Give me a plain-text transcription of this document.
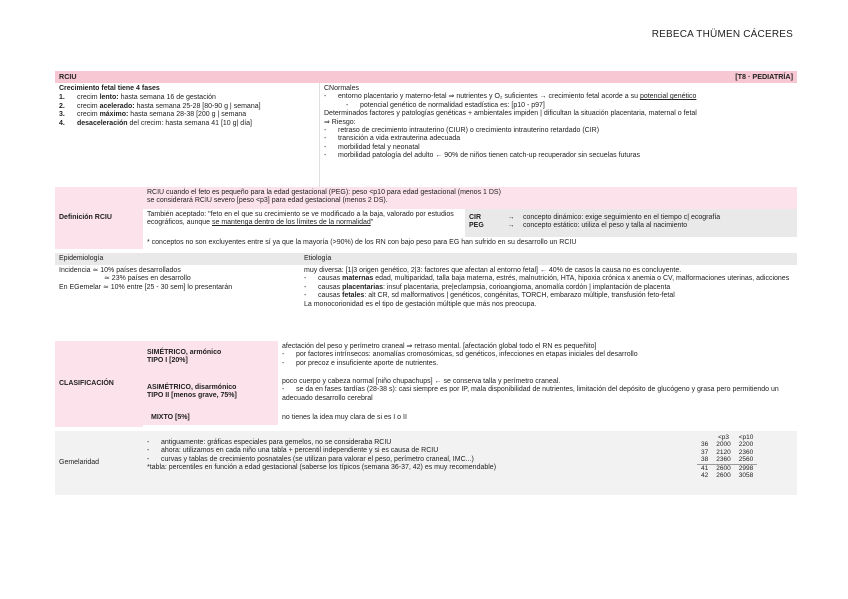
REBECA THÜMEN CÁCERES
RCIU	[T8 · PEDIATRÍA]
Crecimiento fetal tiene 4 fases
1. crecim lento: hasta semana 16 de gestación
2. crecim acelerado: hasta semana 25-28 [80-90 g | semana]
3. crecim máximo: hasta semana 28-38 [200 g | semana
4. desaceleración del crecim: hasta semana 41 [10 g| día]
CNormales
- entorno placentario y materno-fetal ⇒ nutrientes y O₂ suficientes → crecimiento fetal acorde a su potencial genético
- potencial genético de normalidad estadística es: [p10 - p97]
Determinados factores y patologías genéticas + ambientales impiden | dificultan la situación placentaria, maternal o fetal
⇒ Riesgo:
- retraso de crecimiento intrauterino (CIUR) o crecimiento intrauterino retardado (CIR)
- transición a vida extrauterina adecuada
- morbilidad fetal y neonatal
- morbilidad patología del adulto ← 90% de niños tienen catch-up recuperador sin secuelas futuras
Definición RCIU
RCIU cuando el feto es pequeño para la edad gestacional (PEG): peso <p10 para edad gestacional (menos 1 DS)
se considerará RCIU severo [peso <p3] para edad gestacional (menos 2 DS).
También aceptado: "feto en el que su crecimiento se ve modificado a la baja, valorado por estudios ecográficos, aunque se mantenga dentro de los límites de la normalidad"
CIR	→ concepto dinámico: exige seguimiento en el tiempo c| ecografía
PEG	→ concepto estático: utiliza el peso y talla al nacimiento
* conceptos no son excluyentes entre sí ya que la mayoría (>90%) de los RN con bajo peso para EG han sufrido en su desarrollo un RCIU
Epidemiología
Incidencia ≃ 10% países desarrollados
≃ 23% países en desarrollo
En EGemelar ≃ 10% entre [25 - 30 sem] lo presentarán
Etiología
muy diversa: [1|3 origen genético, 2|3: factores que afectan al entorno fetal] ← 40% de casos la causa no es concluyente.
- causas maternas edad, multiparidad, talla baja materna, estrés, malnutrición, HTA, hipoxia crónica x anemia o CV, malformaciones uterinas, adicciones
- causas placentarias: insuf placentaria, pre|eclampsia, corioangioma, anomalía cordón | implantación de placenta
- causas fetales: alt CR, sd malformativos | genéticos, congénitas, TORCH, embarazo múltiple, transfusión feto-fetal
La monocorionidad es el tipo de gestación múltiple que más nos preocupa.
CLASIFICACIÓN
SIMÉTRICO, armónico
TIPO I [20%]
afectación del peso y perímetro craneal ⇒ retraso mental. [afectación global todo el RN es pequeñito]
- por factores intrínsecos: anomalías cromosómicas, sd genéticos, infecciones en etapas iniciales del desarrollo
- por precoz e insuficiente aporte de nutrientes.
ASIMÉTRICO, disarmónico
TIPO II [menos grave, 75%]
poco cuerpo y cabeza normal [niño chupachups] ← se conserva talla y perímetro craneal.
- se da en fases tardías (28-38 s): casi siempre es por IP, mala disponibilidad de nutrientes, limitación del depósito de glucógeno y grasa pero permitiendo un adecuado desarrollo cerebral
MIXTO [5%]	no tienes la idea muy clara de si es I o II
Gemelaridad
- antiguamente: gráficas especiales para gemelos, no se consideraba RCIU
- ahora: utilizamos en cada niño una tabla + percentil independiente y si es causa de RCIU
- curvas y tablas de crecimiento posnatales (se utilizan para valorar el peso, perímetro craneal, IMC...)
*tabla: percentiles en función a edad gestacional (saberse los típicos (semana 36-37, 42) es muy recomendable)
	<p3	<p10
36	2000	2200
37	2120	2360
38	2360	2560
41	2600	2998
42	2600	3058
